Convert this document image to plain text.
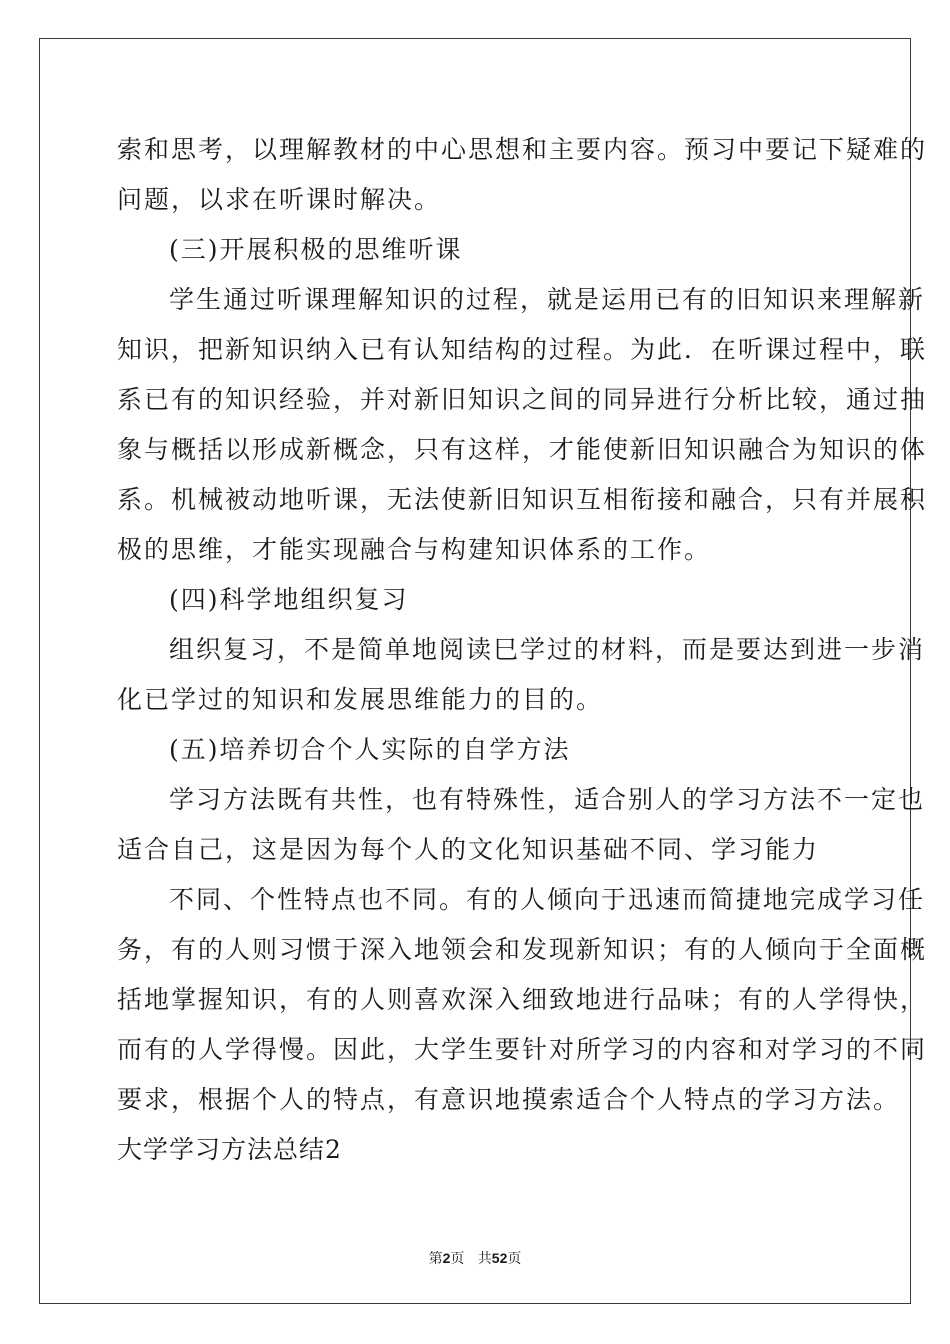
索和思考，以理解教材的中心思想和主要内容。预习中要记下疑难的
问题，以求在听课时解决。
(三)开展积极的思维听课
学生通过听课理解知识的过程，就是运用已有的旧知识来理解新
知识，把新知识纳入已有认知结构的过程。为此．在听课过程中，联
系已有的知识经验，并对新旧知识之间的同异进行分析比较，通过抽
象与概括以形成新概念，只有这样，才能使新旧知识融合为知识的体
系。机械被动地听课，无法使新旧知识互相衔接和融合，只有并展积
极的思维，才能实现融合与构建知识体系的工作。
(四)科学地组织复习
组织复习，不是简单地阅读巳学过的材料，而是要达到进一步消
化已学过的知识和发展思维能力的目的。
(五)培养切合个人实际的自学方法
学习方法既有共性，也有特殊性，适合别人的学习方法不一定也
适合自己，这是因为每个人的文化知识基础不同、学习能力
不同、个性特点也不同。有的人倾向于迅速而简捷地完成学习任
务，有的人则习惯于深入地领会和发现新知识；有的人倾向于全面概
括地掌握知识，有的人则喜欢深入细致地进行品味；有的人学得快，
而有的人学得慢。因此，大学生要针对所学习的内容和对学习的不同
要求，根据个人的特点，有意识地摸索适合个人特点的学习方法。
大学学习方法总结2
第2页 共52页
